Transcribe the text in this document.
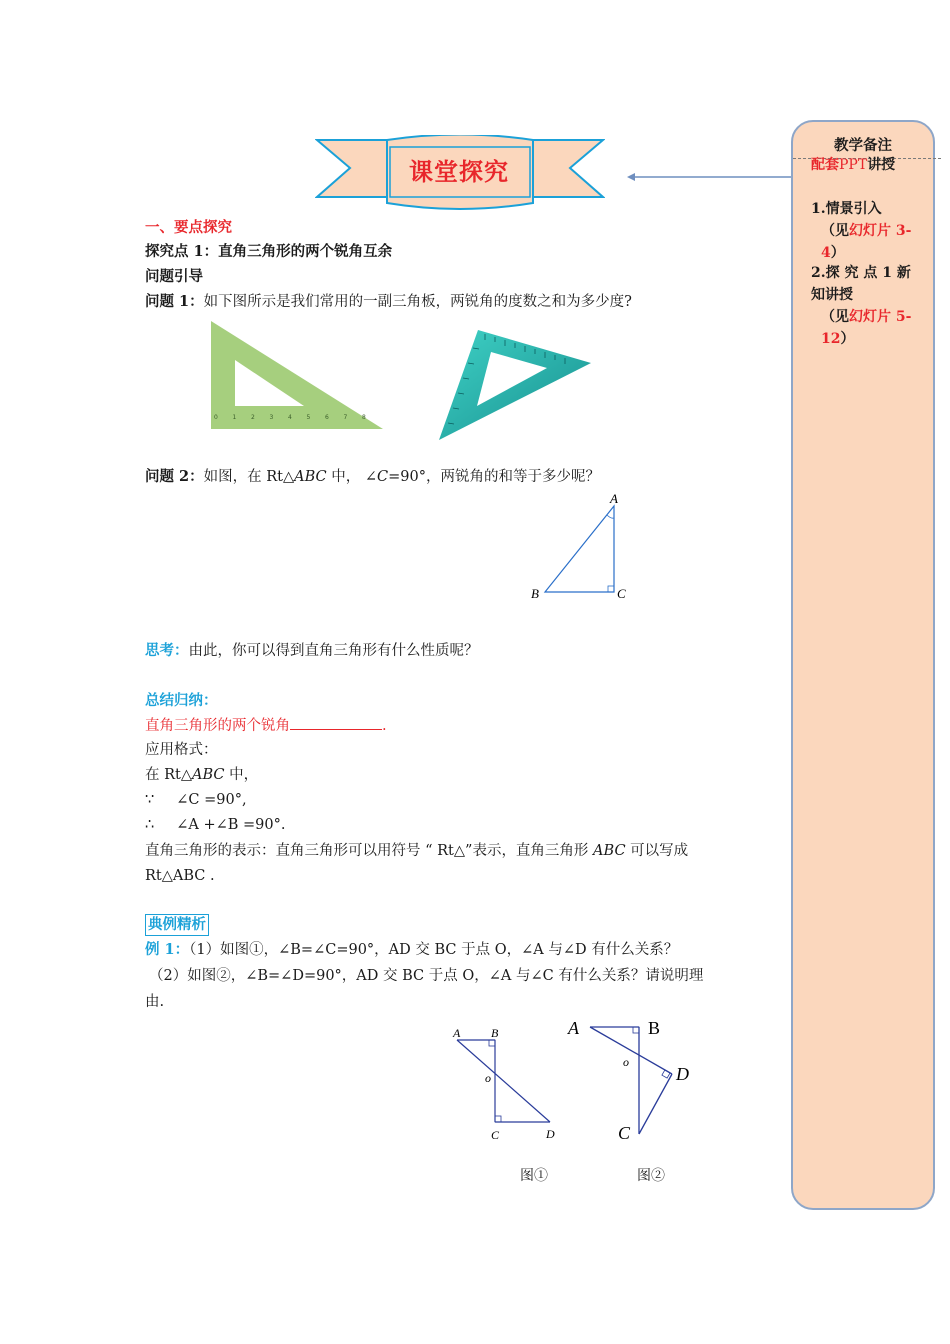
课堂探究
教学备注
配套PPT讲授
1.情景引入
（见幻灯片 3-4）
2.探 究 点 1 新
知讲授
（见幻灯片 5-12）
一、要点探究
探究点 1：直角三角形的两个锐角互余
问题引导
问题 1：如下图所示是我们常用的一副三角板，两锐角的度数之和为多少度?
0 1 2 3 4 5 6 7 8
问题 2：如图，在 Rt△ABC 中， ∠C=90°，两锐角的和等于多少呢？
A
B	C
思考：由此，你可以得到直角三角形有什么性质呢？
总结归纳：
直角三角形的两个锐角	.
应用格式：
在 Rt△ABC 中，
∵ ∠C =90°,
∴ ∠A +∠B =90°.
直角三角形的表示：直角三角形可以用符号 “ Rt△”表示，直角三角形 ABC 可以写成
Rt△ABC .
典例精析
例 1：（1）如图①，∠B=∠C=90°，AD 交 BC 于点 O，∠A 与∠D 有什么关系？
（2）如图②，∠B=∠D=90°，AD 交 BC 于点 O，∠A 与∠C 有什么关系？请说明理
由.
A	B
o
C	D
A	B
o
D
C
图①	图②
